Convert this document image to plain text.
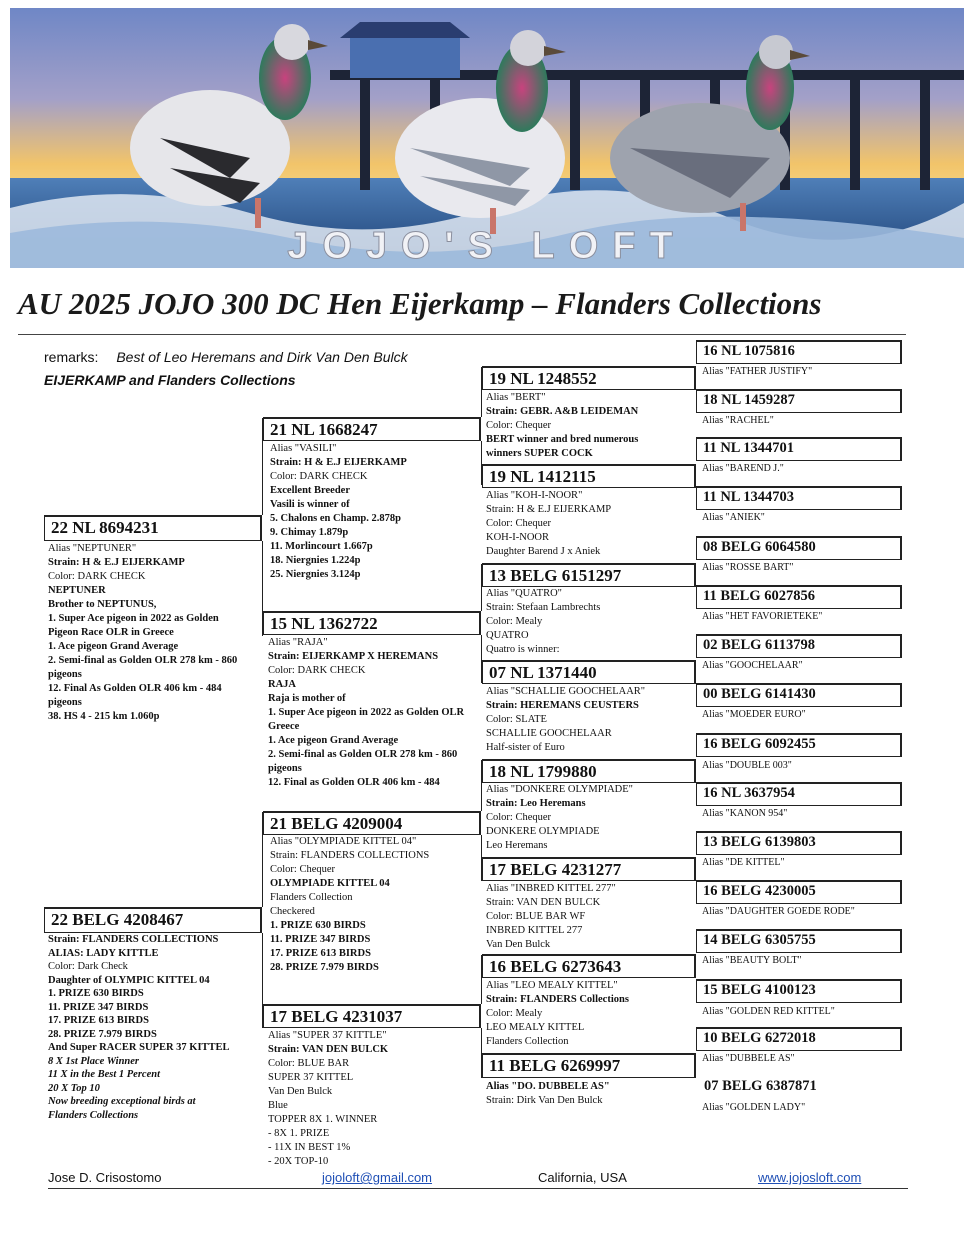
JOJO'S LOFT
AU 2025 JOJO 300 DC Hen Eijerkamp – Flanders Collections
remarks: Best of Leo Heremans and Dirk Van Den Bulck
EIJERKAMP and Flanders Collections
22 NL 8694231
Alias "NEPTUNER"
Strain: H & E.J EIJERKAMP
Color: DARK CHECK
NEPTUNER
Brother to NEPTUNUS,
1. Super Ace pigeon in 2022 as Golden
Pigeon Race OLR in Greece
1. Ace pigeon Grand Average
2. Semi-final as Golden OLR 278 km - 860
pigeons
12. Final As Golden OLR 406 km - 484
pigeons
38. HS 4 - 215 km 1.060p
22 BELG 4208467
Strain: FLANDERS COLLECTIONS
ALIAS: LADY KITTLE
Color: Dark Check
Daughter of OLYMPIC KITTEL 04
1. PRIZE 630 BIRDS
11. PRIZE 347 BIRDS
17. PRIZE 613 BIRDS
28. PRIZE 7.979 BIRDS
And Super RACER SUPER 37 KITTEL
8 X 1st Place Winner
11 X in the Best 1 Percent
20 X Top 10
Now breeding exceptional birds at
Flanders Collections
21 NL 1668247
Alias "VASILI"
Strain: H & E.J EIJERKAMP
Color: DARK CHECK
Excellent Breeder
Vasili is winner of
5. Chalons en Champ. 2.878p
9. Chimay 1.879p
11. Morlincourt 1.667p
18. Niergnies 1.224p
25. Niergnies 3.124p
15 NL 1362722
Alias "RAJA"
Strain: EIJERKAMP X HEREMANS
Color: DARK CHECK
RAJA
Raja is mother of
1. Super Ace pigeon in 2022 as Golden OLR
Greece
1. Ace pigeon Grand Average
2. Semi-final as Golden OLR 278 km - 860
pigeons
12. Final as Golden OLR 406 km - 484
21 BELG 4209004
Alias "OLYMPIADE KITTEL 04"
Strain: FLANDERS COLLECTIONS
Color: Chequer
OLYMPIADE KITTEL 04
Flanders Collection
Checkered
1. PRIZE 630 BIRDS
11. PRIZE 347 BIRDS
17. PRIZE 613 BIRDS
28. PRIZE 7.979 BIRDS
17 BELG 4231037
Alias "SUPER 37 KITTLE"
Strain: VAN DEN BULCK
Color: BLUE BAR
SUPER 37 KITTEL
Van Den Bulck
Blue
TOPPER 8X 1. WINNER
- 8X 1. PRIZE
- 11X IN BEST 1%
- 20X TOP-10
19 NL 1248552
Alias "BERT"
Strain: GEBR. A&B LEIDEMAN
Color: Chequer
BERT winner and bred numerous
winners SUPER COCK
19 NL 1412115
Alias "KOH-I-NOOR"
Strain: H & E.J EIJERKAMP
Color: Chequer
KOH-I-NOOR
Daughter Barend J x Aniek
13 BELG 6151297
Alias "QUATRO"
Strain: Stefaan Lambrechts
Color: Mealy
QUATRO
Quatro is winner:
07 NL 1371440
Alias "SCHALLIE GOOCHELAAR"
Strain: HEREMANS CEUSTERS
Color: SLATE
SCHALLIE GOOCHELAAR
Half-sister of Euro
18 NL 1799880
Alias "DONKERE OLYMPIADE"
Strain: Leo Heremans
Color: Chequer
DONKERE OLYMPIADE
Leo Heremans
17 BELG 4231277
Alias "INBRED KITTEL 277"
Strain: VAN DEN BULCK
Color: BLUE BAR WF
INBRED KITTEL 277
Van Den Bulck
16 BELG 6273643
Alias "LEO MEALY KITTEL"
Strain: FLANDERS Collections
Color: Mealy
LEO MEALY KITTEL
Flanders Collection
11 BELG 6269997
Alias "DO. DUBBELE AS"
Strain: Dirk Van Den Bulck
16 NL 1075816
Alias "FATHER JUSTIFY"
18 NL 1459287
Alias "RACHEL"
11 NL 1344701
Alias "BAREND J."
11 NL 1344703
Alias "ANIEK"
08 BELG 6064580
Alias "ROSSE BART"
11 BELG 6027856
Alias "HET FAVORIETEKE"
02 BELG 6113798
Alias "GOOCHELAAR"
00 BELG 6141430
Alias "MOEDER EURO"
16 BELG 6092455
Alias "DOUBLE 003"
16 NL 3637954
Alias "KANON 954"
13 BELG 6139803
Alias "DE KITTEL"
16 BELG 4230005
Alias "DAUGHTER GOEDE RODE"
14 BELG 6305755
Alias "BEAUTY BOLT"
15 BELG 4100123
Alias "GOLDEN RED KITTEL"
10 BELG 6272018
Alias "DUBBELE AS"
07 BELG 6387871
Alias "GOLDEN LADY"
Jose D. Crisostomo	jojoloft@gmail.com	California, USA	www.jojosloft.com
